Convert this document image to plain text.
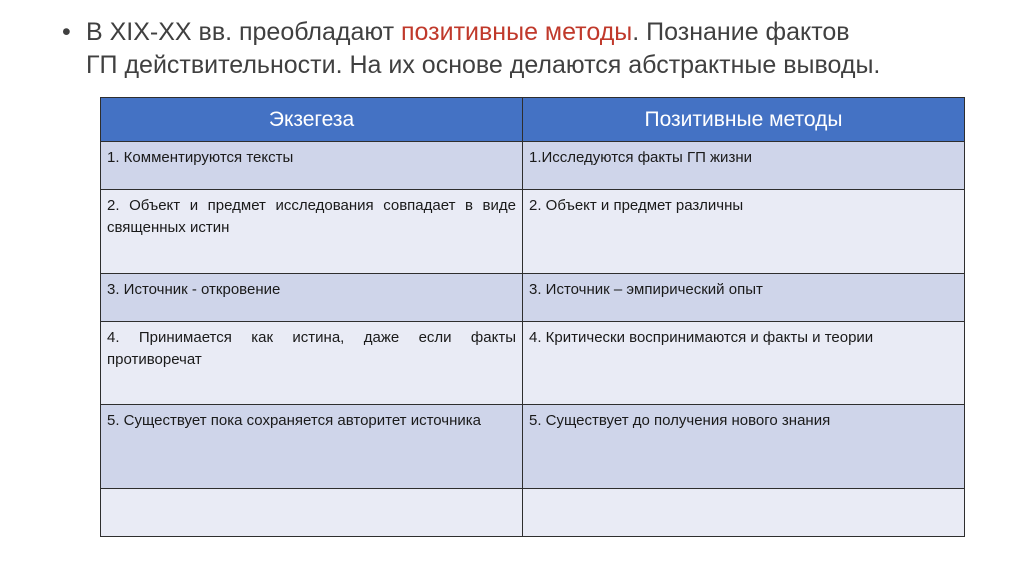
• В XIX-XX вв. преобладают позитивные методы. Познание фактов
ГП действительности. На их основе делаются абстрактные выводы.
Экзегеза	Позитивные методы
1. Комментируются тексты	1.Исследуются факты ГП жизни
2. Объект и предмет исследования совпадает в виде священных истин	2. Объект и предмет различны
3. Источник - откровение	3. Источник – эмпирический опыт
4. Принимается как истина, даже если факты противоречат	4. Критически воспринимаются и факты и теории
5. Существует пока сохраняется авторитет источника	5. Существует до получения нового знания
